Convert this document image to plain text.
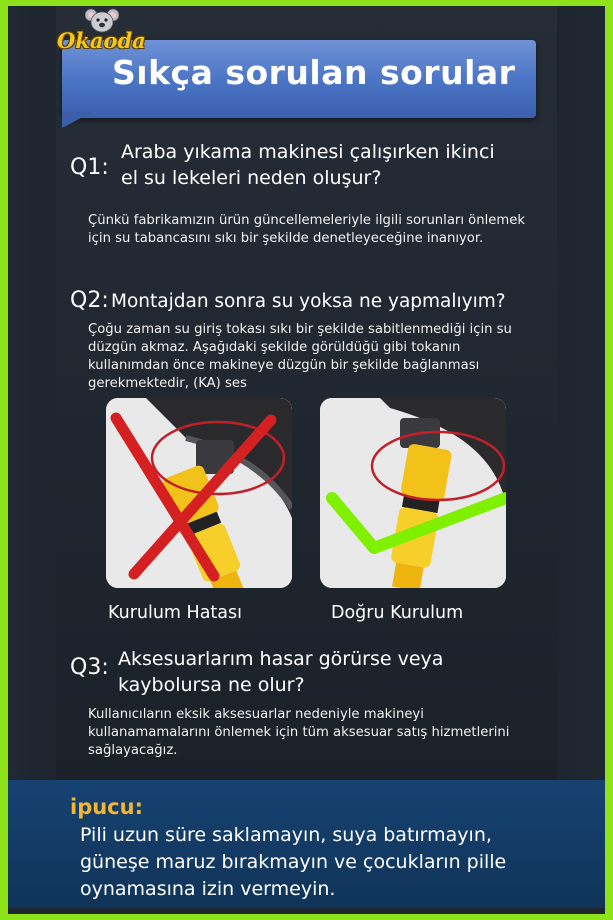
Sıkça sorulan sorular
Okaoda
Q1:
Araba yıkama makinesi çalışırken ikinci el su lekeleri neden oluşur?
Çünkü fabrikamızın ürün güncellemeleriyle ilgili sorunları önlemek için su tabancasını sıkı bir şekilde denetleyeceğine inanıyor.
Q2: Montajdan sonra su yoksa ne yapmalıyım?
Çoğu zaman su giriş tokası sıkı bir şekilde sabitlenmediği için su düzgün akmaz. Aşağıdaki şekilde görüldüğü gibi tokanın kullanımdan önce makineye düzgün bir şekilde bağlanması gerekmektedir, (KA) ses
Kurulum Hatası	Doğru Kurulum
Q3: Aksesuarlarım hasar görürse veya kaybolursa ne olur?
Kullanıcıların eksik aksesuarlar nedeniyle makineyi kullanamamalarını önlemek için tüm aksesuar satış hizmetlerini sağlayacağız.
ipucu:
Pili uzun süre saklamayın, suya batırmayın, güneşe maruz bırakmayın ve çocukların pille oynamasına izin vermeyin.
